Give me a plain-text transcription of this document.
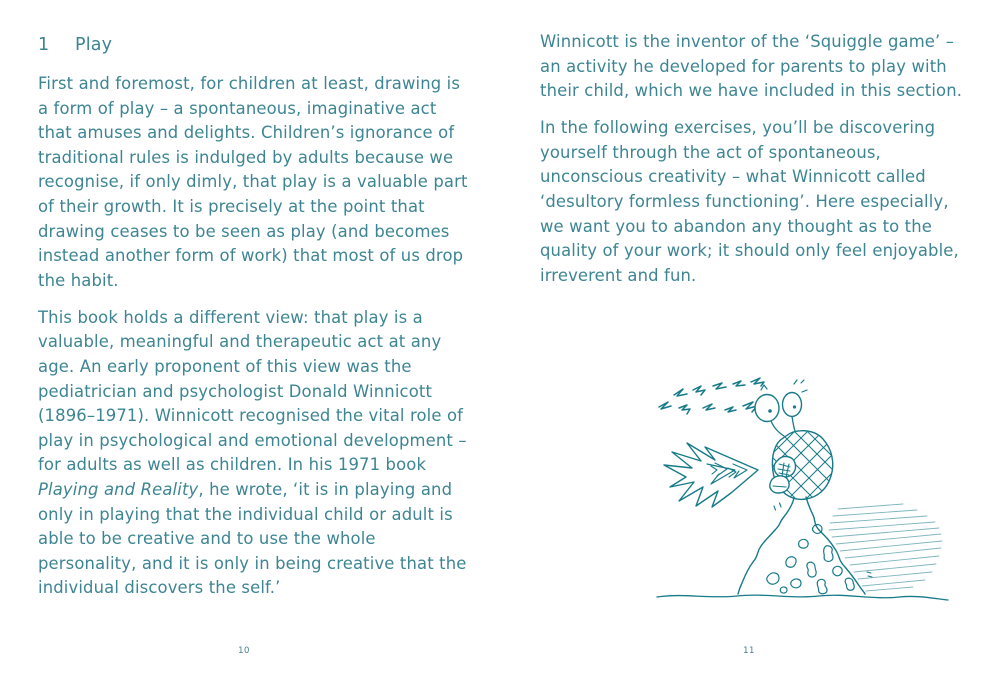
1	Play

First and foremost, for children at least, drawing is a form of play – a spontaneous, imaginative act that amuses and delights. Children’s ignorance of traditional rules is indulged by adults because we recognise, if only dimly, that play is a valuable part of their growth. It is precisely at the point that drawing ceases to be seen as play (and becomes instead another form of work) that most of us drop the habit.

This book holds a different view: that play is a valuable, meaningful and therapeutic act at any age. An early proponent of this view was the pediatrician and psychologist Donald Winnicott (1896–1971). Winnicott recognised the vital role of play in psychological and emotional development – for adults as well as children. In his 1971 book Playing and Reality, he wrote, ‘it is in playing and only in playing that the individual child or adult is able to be creative and to use the whole personality, and it is only in being creative that the individual discovers the self.’

10

Winnicott is the inventor of the ‘Squiggle game’ – an activity he developed for parents to play with their child, which we have included in this section.

In the following exercises, you’ll be discovering yourself through the act of spontaneous, unconscious creativity – what Winnicott called ‘desultory formless functioning’. Here especially, we want you to abandon any thought as to the quality of your work; it should only feel enjoyable, irreverent and fun.

11
